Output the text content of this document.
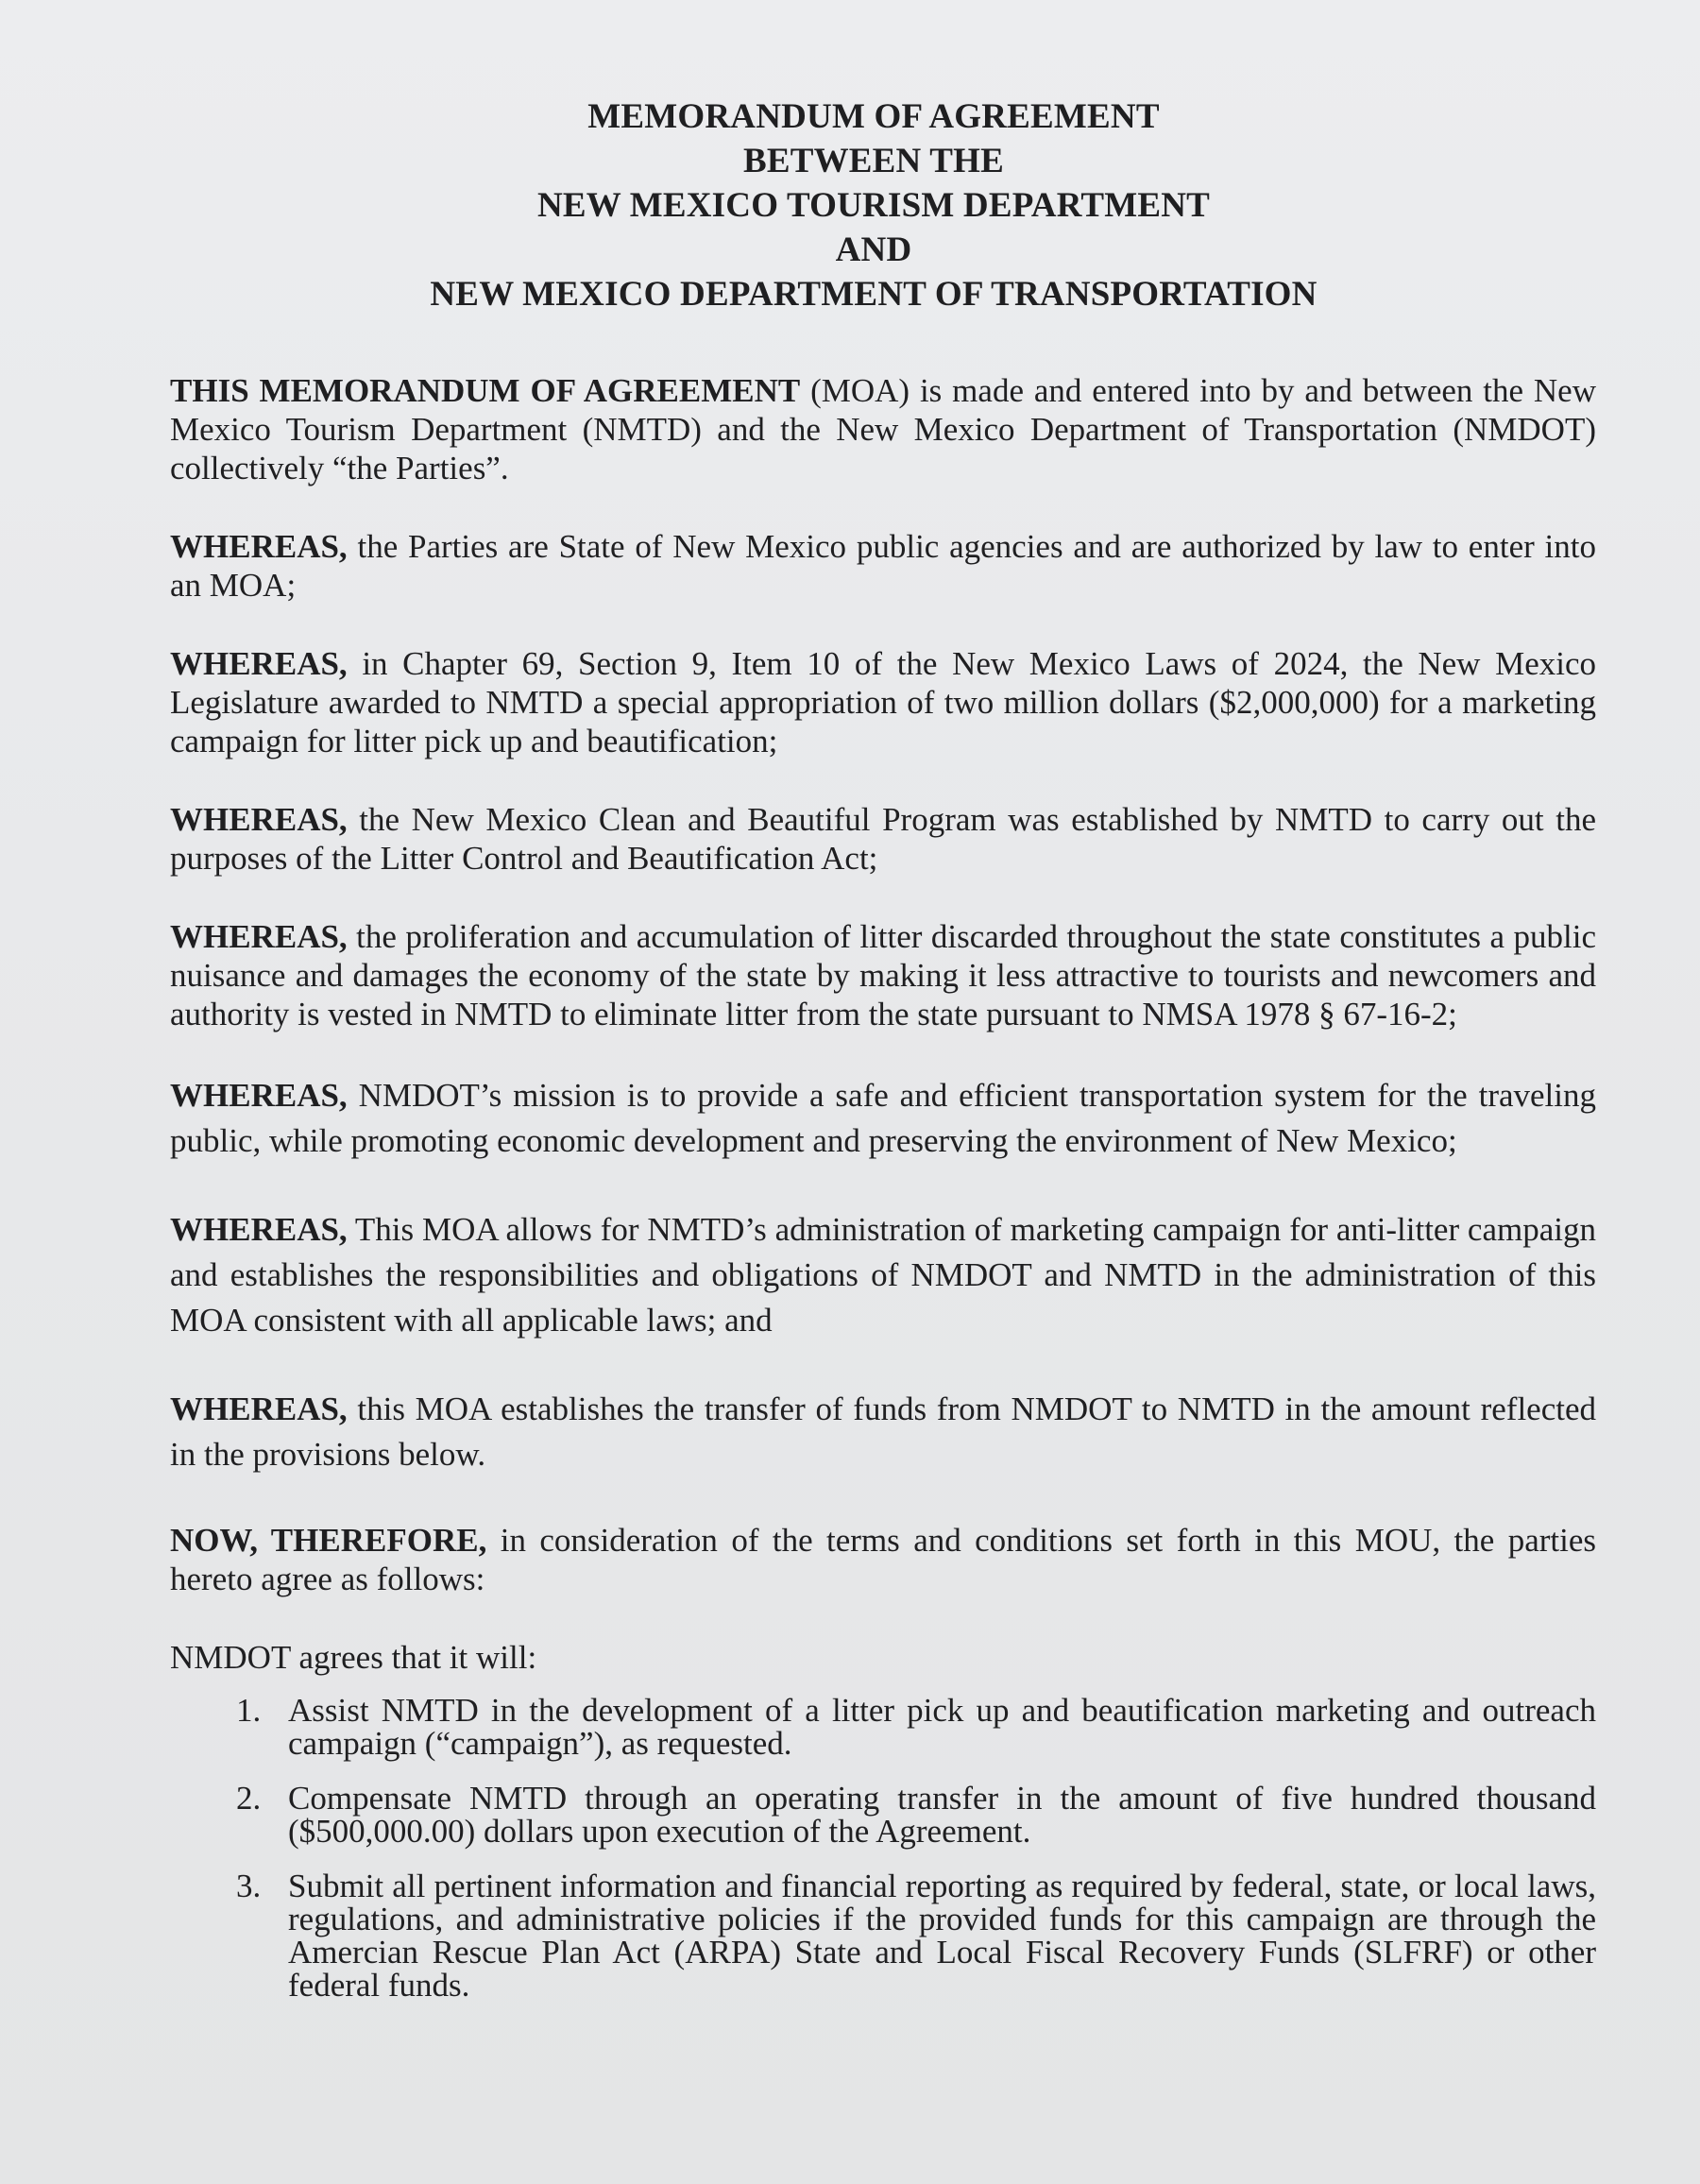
MEMORANDUM OF AGREEMENT
BETWEEN THE
NEW MEXICO TOURISM DEPARTMENT
AND
NEW MEXICO DEPARTMENT OF TRANSPORTATION

THIS MEMORANDUM OF AGREEMENT (MOA) is made and entered into by and between the New Mexico Tourism Department (NMTD) and the New Mexico Department of Transportation (NMDOT) collectively “the Parties”.

WHEREAS, the Parties are State of New Mexico public agencies and are authorized by law to enter into an MOA;

WHEREAS, in Chapter 69, Section 9, Item 10 of the New Mexico Laws of 2024, the New Mexico Legislature awarded to NMTD a special appropriation of two million dollars ($2,000,000) for a marketing campaign for litter pick up and beautification;

WHEREAS, the New Mexico Clean and Beautiful Program was established by NMTD to carry out the purposes of the Litter Control and Beautification Act;

WHEREAS, the proliferation and accumulation of litter discarded throughout the state constitutes a public nuisance and damages the economy of the state by making it less attractive to tourists and newcomers and authority is vested in NMTD to eliminate litter from the state pursuant to NMSA 1978 § 67-16-2;

WHEREAS, NMDOT’s mission is to provide a safe and efficient transportation system for the traveling public, while promoting economic development and preserving the environment of New Mexico;

WHEREAS, This MOA allows for NMTD’s administration of marketing campaign for anti-litter campaign and establishes the responsibilities and obligations of NMDOT and NMTD in the administration of this MOA consistent with all applicable laws; and

WHEREAS, this MOA establishes the transfer of funds from NMDOT to NMTD in the amount reflected in the provisions below.

NOW, THEREFORE, in consideration of the terms and conditions set forth in this MOU, the parties hereto agree as follows:

NMDOT agrees that it will:

1. Assist NMTD in the development of a litter pick up and beautification marketing and outreach campaign (“campaign”), as requested.
2. Compensate NMTD through an operating transfer in the amount of five hundred thousand ($500,000.00) dollars upon execution of the Agreement.
3. Submit all pertinent information and financial reporting as required by federal, state, or local laws, regulations, and administrative policies if the provided funds for this campaign are through the Amercian Rescue Plan Act (ARPA) State and Local Fiscal Recovery Funds (SLFRF) or other federal funds.
